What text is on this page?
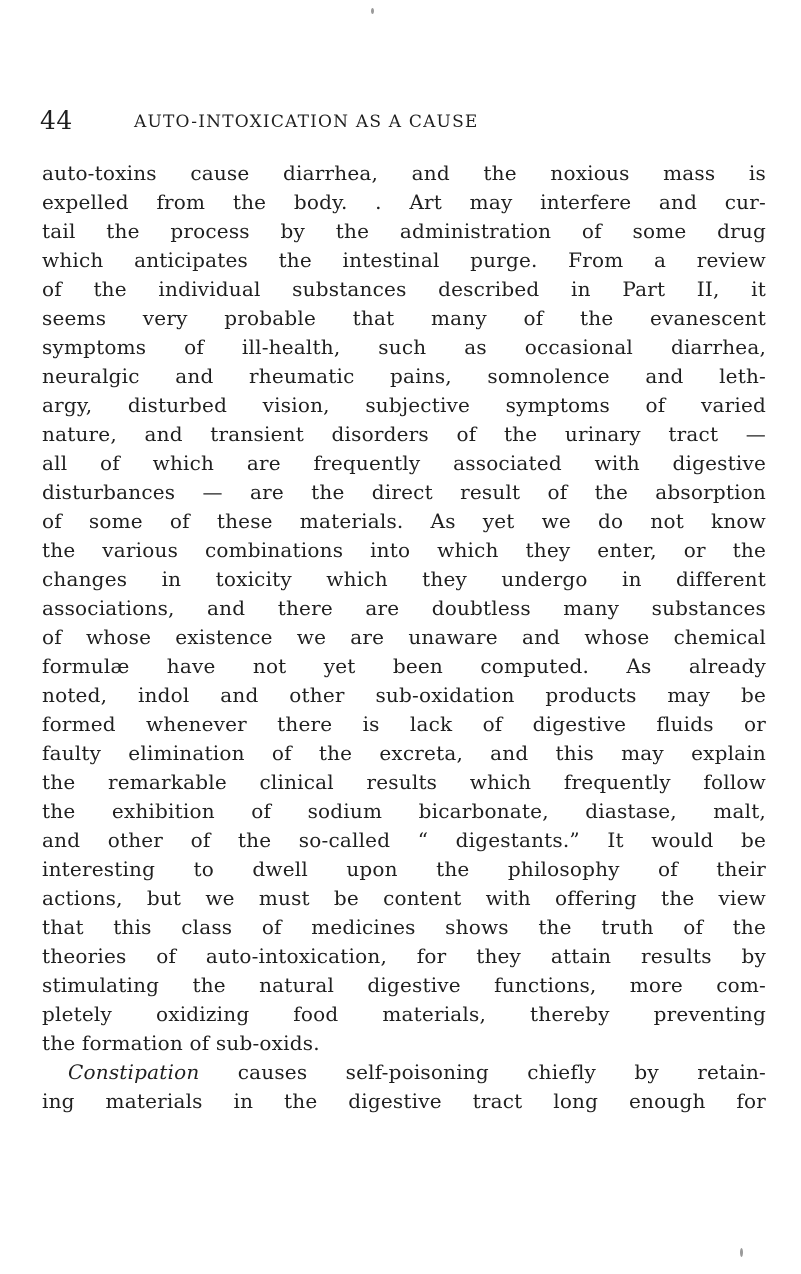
44	AUTO-INTOXICATION AS A CAUSE
auto-toxins cause diarrhea, and the noxious mass is
expelled from the body. . Art may interfere and cur-
tail the process by the administration of some drug
which anticipates the intestinal purge. From a review
of the individual substances described in Part II, it
seems very probable that many of the evanescent
symptoms of ill-health, such as occasional diarrhea,
neuralgic and rheumatic pains, somnolence and leth-
argy, disturbed vision, subjective symptoms of varied
nature, and transient disorders of the urinary tract —
all of which are frequently associated with digestive
disturbances — are the direct result of the absorption
of some of these materials. As yet we do not know
the various combinations into which they enter, or the
changes in toxicity which they undergo in different
associations, and there are doubtless many substances
of whose existence we are unaware and whose chemical
formulæ have not yet been computed. As already
noted, indol and other sub-oxidation products may be
formed whenever there is lack of digestive fluids or
faulty elimination of the excreta, and this may explain
the remarkable clinical results which frequently follow
the exhibition of sodium bicarbonate, diastase, malt,
and other of the so-called “ digestants.” It would be
interesting to dwell upon the philosophy of their
actions, but we must be content with offering the view
that this class of medicines shows the truth of the
theories of auto-intoxication, for they attain results by
stimulating the natural digestive functions, more com-
pletely oxidizing food materials, thereby preventing
the formation of sub-oxids.
Constipation causes self-poisoning chiefly by retain-
ing materials in the digestive tract long enough for
